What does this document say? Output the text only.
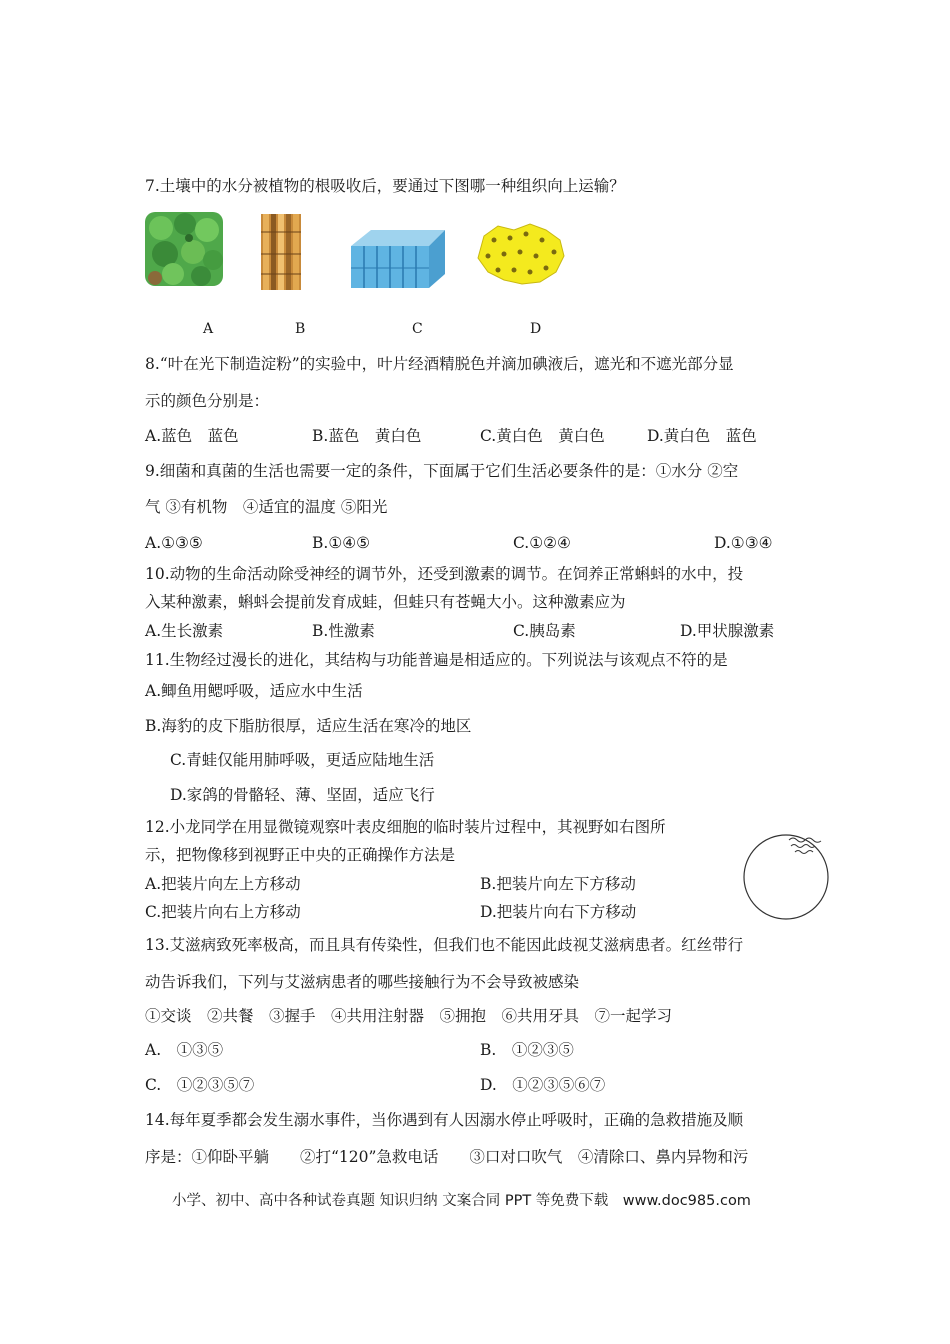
7.土壤中的水分被植物的根吸收后，要通过下图哪一种组织向上运输？
A	B	C	D
8.“叶在光下制造淀粉”的实验中，叶片经酒精脱色并滴加碘液后，遮光和不遮光部分显
示的颜色分别是：
A.蓝色　蓝色	B.蓝色　黄白色	C.黄白色　黄白色	D.黄白色　蓝色
9.细菌和真菌的生活也需要一定的条件，下面属于它们生活必要条件的是：①水分 ②空
气 ③有机物　④适宜的温度 ⑤阳光
A.①③⑤	B.①④⑤	C.①②④	D.①③④
10.动物的生命活动除受神经的调节外，还受到激素的调节。在饲养正常蝌蚪的水中，投
入某种激素，蝌蚪会提前发育成蛙，但蛙只有苍蝇大小。这种激素应为
A.生长激素	B.性激素	C.胰岛素	D.甲状腺激素
11.生物经过漫长的进化，其结构与功能普遍是相适应的。下列说法与该观点不符的是
A.鲫鱼用鳃呼吸，适应水中生活
B.海豹的皮下脂肪很厚，适应生活在寒冷的地区
C.青蛙仅能用肺呼吸，更适应陆地生活
D.家鸽的骨骼轻、薄、坚固，适应飞行
12.小龙同学在用显微镜观察叶表皮细胞的临时装片过程中，其视野如右图所
示，把物像移到视野正中央的正确操作方法是
A.把装片向左上方移动	B.把装片向左下方移动
C.把装片向右上方移动	D.把装片向右下方移动
13.艾滋病致死率极高，而且具有传染性，但我们也不能因此歧视艾滋病患者。红丝带行
动告诉我们，下列与艾滋病患者的哪些接触行为不会导致被感染
①交谈　②共餐　③握手　④共用注射器　⑤拥抱　⑥共用牙具　⑦一起学习
A.　①③⑤	B.　①②③⑤
C.　①②③⑤⑦	D.　①②③⑤⑥⑦
14.每年夏季都会发生溺水事件，当你遇到有人因溺水停止呼吸时，正确的急救措施及顺
序是：①仰卧平躺　　②打“120”急救电话　　③口对口吹气　④清除口、鼻内异物和污
小学、初中、高中各种试卷真题 知识归纳 文案合同 PPT 等免费下载　www.doc985.com
